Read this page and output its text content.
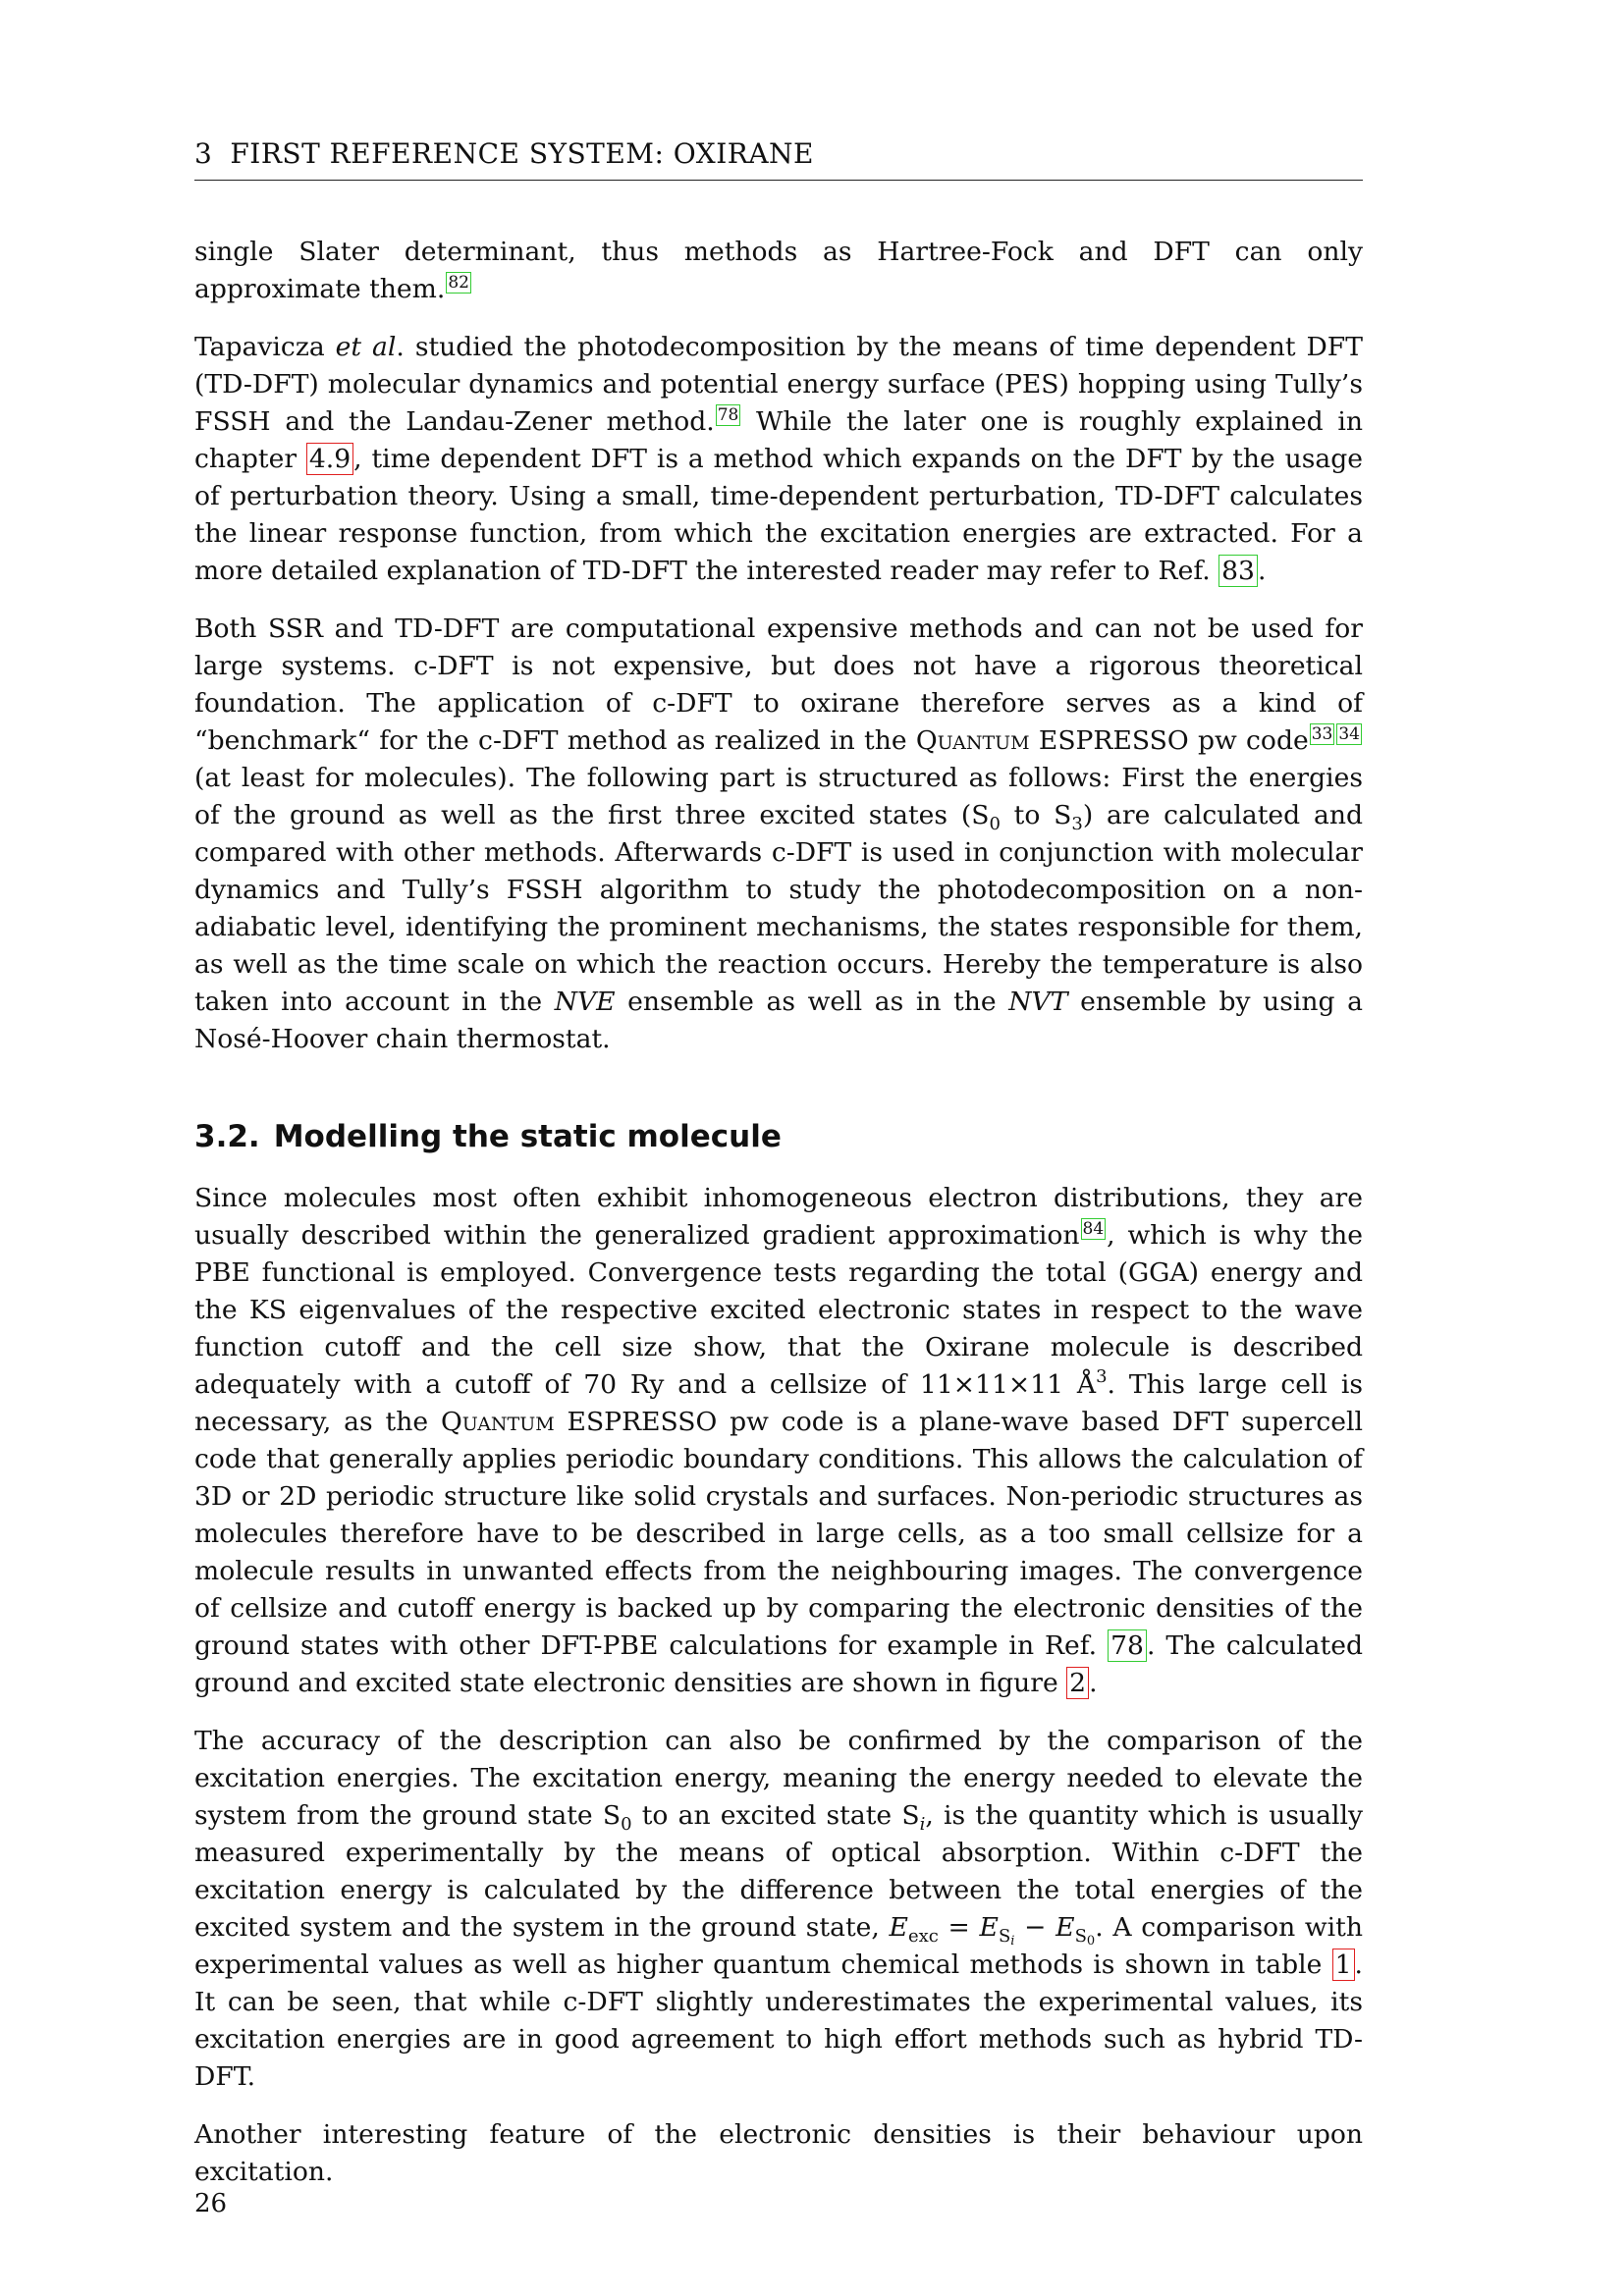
3 FIRST REFERENCE SYSTEM: OXIRANE

single Slater determinant, thus methods as Hartree-Fock and DFT can only approximate them. $^{82}$

Tapavicza et al. studied the photodecomposition by the means of time dependent DFT (TD-DFT) molecular dynamics and potential energy surface (PES) hopping using Tully’s FSSH and the Landau-Zener method. $^{78}$ While the later one is roughly explained in chapter 4.9 , time dependent DFT is a method which expands on the DFT by the usage of perturbation theory. Using a small, time-dependent perturbation, TD-DFT calculates the linear response function, from which the excitation energies are extracted. For a more detailed explanation of TD-DFT the interested reader may refer to Ref. 83 .

Both SSR and TD-DFT are computational expensive methods and can not be used for large systems. c-DFT is not expensive, but does not have a rigorous theoretical foundation. The application of c-DFT to oxirane therefore serves as a kind of “benchmark“ for the c-DFT method as realized in the Quantum ESPRESSO pw code $^{33}$ $^{34}$ (at least for molecules). The following part is structured as follows: First the energies of the ground as well as the first three excited states ($S_0$ to $S_3$) are calculated and compared with other methods. Afterwards c-DFT is used in conjunction with molecular dynamics and Tully’s FSSH algorithm to study the photodecomposition on a non-adiabatic level, identifying the prominent mechanisms, the states responsible for them, as well as the time scale on which the reaction occurs. Hereby the temperature is also taken into account in the NVE ensemble as well as in the NVT ensemble by using a Nosé-Hoover chain thermostat.

3.2. Modelling the static molecule

Since molecules most often exhibit inhomogeneous electron distributions, they are usually described within the generalized gradient approximation $^{84}$ , which is why the PBE functional is employed. Convergence tests regarding the total (GGA) energy and the KS eigenvalues of the respective excited electronic states in respect to the wave function cutoff and the cell size show, that the Oxirane molecule is described adequately with a cutoff of 70 Ry and a cellsize of 11×11×11 $Å^3$. This large cell is necessary, as the Quantum ESPRESSO pw code is a plane-wave based DFT supercell code that generally applies periodic boundary conditions. This allows the calculation of 3D or 2D periodic structure like solid crystals and surfaces. Non-periodic structures as molecules therefore have to be described in large cells, as a too small cellsize for a molecule results in unwanted effects from the neighbouring images. The convergence of cellsize and cutoff energy is backed up by comparing the electronic densities of the ground states with other DFT-PBE calculations for example in Ref. 78 . The calculated ground and excited state electronic densities are shown in figure 2 .

The accuracy of the description can also be confirmed by the comparison of the excitation energies. The excitation energy, meaning the energy needed to elevate the system from the ground state $S_0$ to an excited state $S_i$, is the quantity which is usually measured experimentally by the means of optical absorption. Within c-DFT the excitation energy is calculated by the difference between the total energies of the excited system and the system in the ground state, $E_{exc} = E_{Si} - E_{S0}$. A comparison with experimental values as well as higher quantum chemical methods is shown in table 1 . It can be seen, that while c-DFT slightly underestimates the experimental values, its excitation energies are in good agreement to high effort methods such as hybrid TD-DFT.

Another interesting feature of the electronic densities is their behaviour upon excitation.

26
